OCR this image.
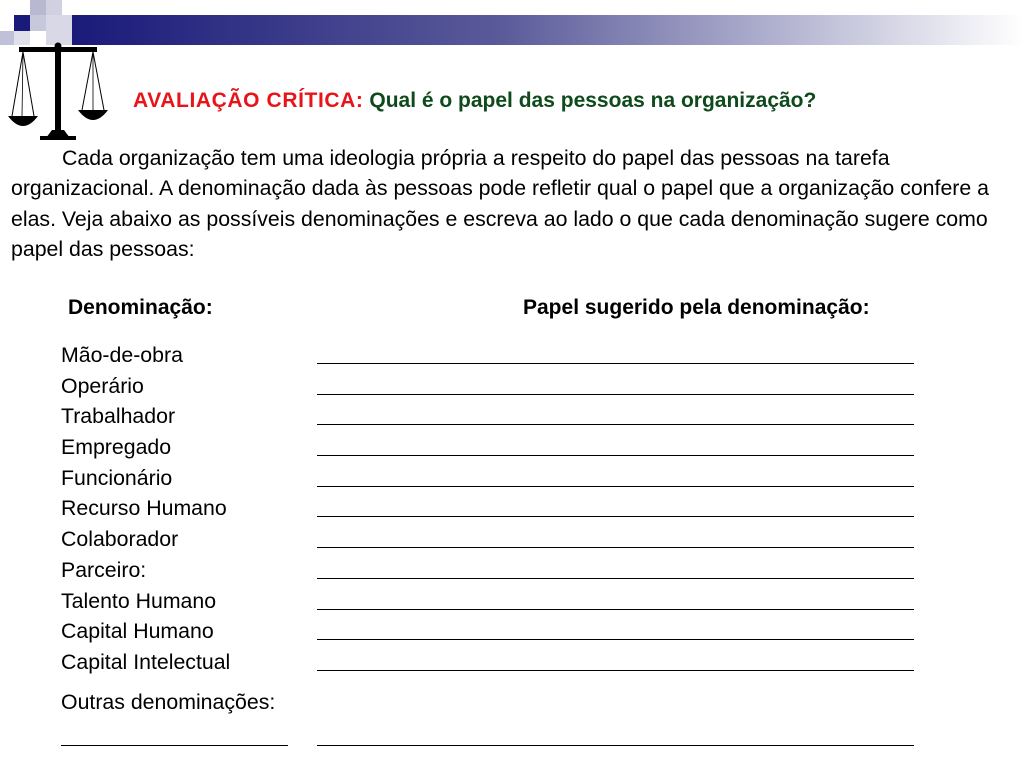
AVALIAÇÃO CRÍTICA: Qual é o papel das pessoas na organização?

Cada organização tem uma ideologia própria a respeito do papel das pessoas na tarefa organizacional. A denominação dada às pessoas pode refletir qual o papel que a organização confere a elas. Veja abaixo as possíveis denominações e escreva ao lado o que cada denominação sugere como papel das pessoas:

Denominação:	Papel sugerido pela denominação:
Mão-de-obra
Operário
Trabalhador
Empregado
Funcionário
Recurso Humano
Colaborador
Parceiro:
Talento Humano
Capital Humano
Capital Intelectual
Outras denominações:
